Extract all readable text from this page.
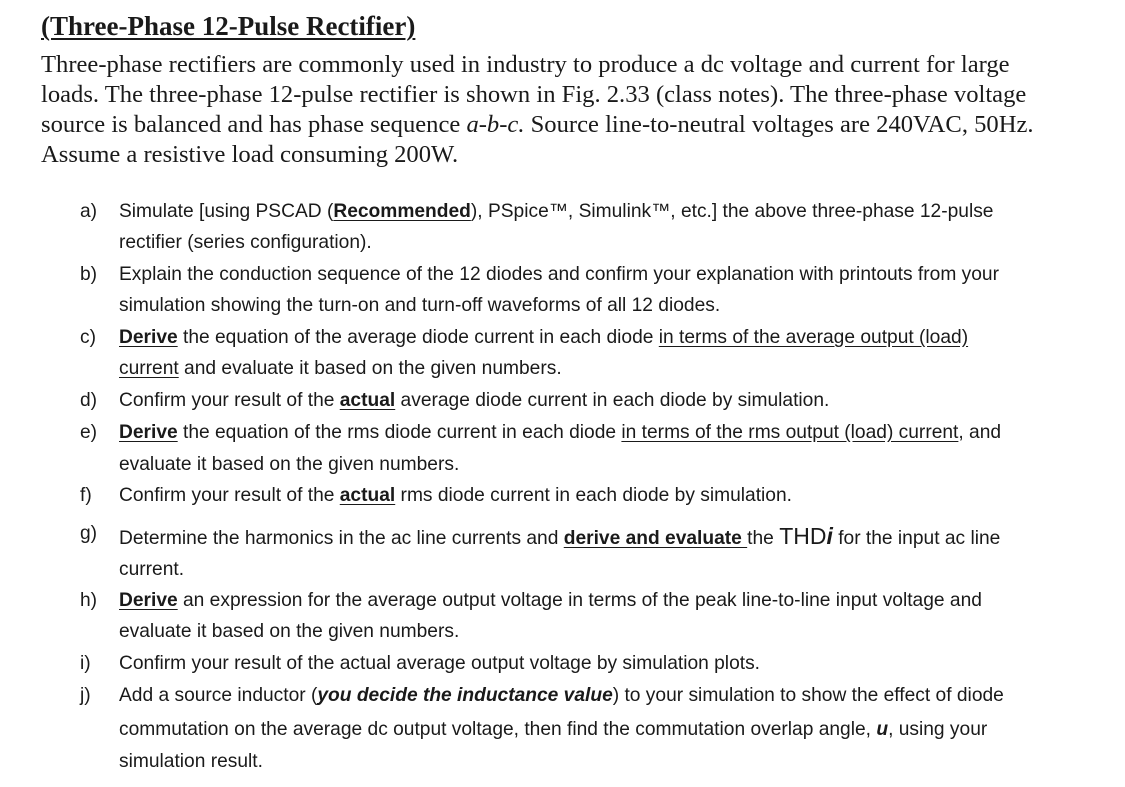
(Three-Phase 12-Pulse Rectifier)
Three-phase rectifiers are commonly used in industry to produce a dc voltage and current for large
loads. The three-phase 12-pulse rectifier is shown in Fig. 2.33 (class notes). The three-phase voltage
source is balanced and has phase sequence a-b-c. Source line-to-neutral voltages are 240VAC, 50Hz.
Assume a resistive load consuming 200W.
a) Simulate [using PSCAD (Recommended), PSpice™, Simulink™, etc.] the above three-phase 12-pulse
rectifier (series configuration).
b) Explain the conduction sequence of the 12 diodes and confirm your explanation with printouts from your
simulation showing the turn-on and turn-off waveforms of all 12 diodes.
c) Derive the equation of the average diode current in each diode in terms of the average output (load)
current and evaluate it based on the given numbers.
d) Confirm your result of the actual average diode current in each diode by simulation.
e) Derive the equation of the rms diode current in each diode in terms of the rms output (load) current, and
evaluate it based on the given numbers.
f) Confirm your result of the actual rms diode current in each diode by simulation.
g) Determine the harmonics in the ac line currents and derive and evaluate the THDi for the input ac line
current.
h) Derive an expression for the average output voltage in terms of the peak line-to-line input voltage and
evaluate it based on the given numbers.
i) Confirm your result of the actual average output voltage by simulation plots.
j) Add a source inductor (you decide the inductance value) to your simulation to show the effect of diode
commutation on the average dc output voltage, then find the commutation overlap angle, u, using your
simulation result.
